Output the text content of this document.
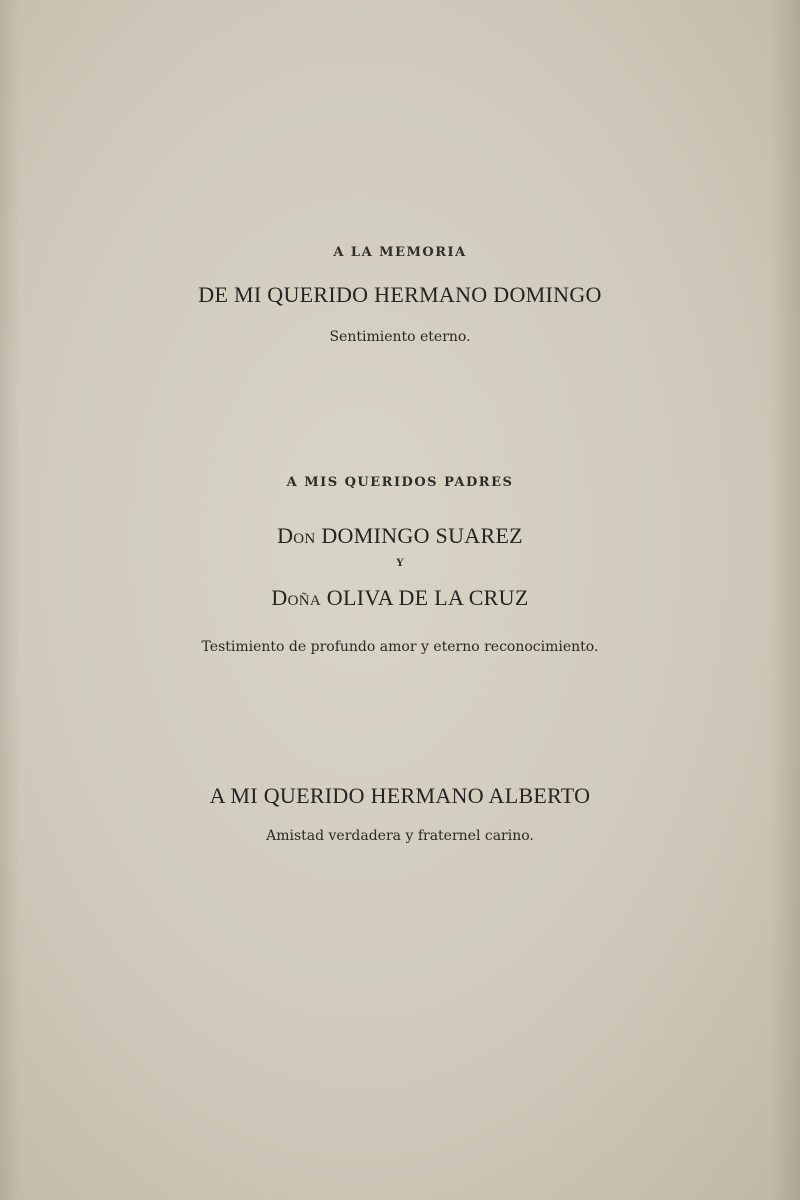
A LA MEMORIA
DE MI QUERIDO HERMANO DOMINGO
Sentimiento eterno.
A MIS QUERIDOS PADRES
Don DOMINGO SUAREZ
Y
Doña OLIVA DE LA CRUZ
Testimiento de profundo amor y eterno reconocimiento.
A MI QUERIDO HERMANO ALBERTO
Amistad verdadera y fraternel carino.
